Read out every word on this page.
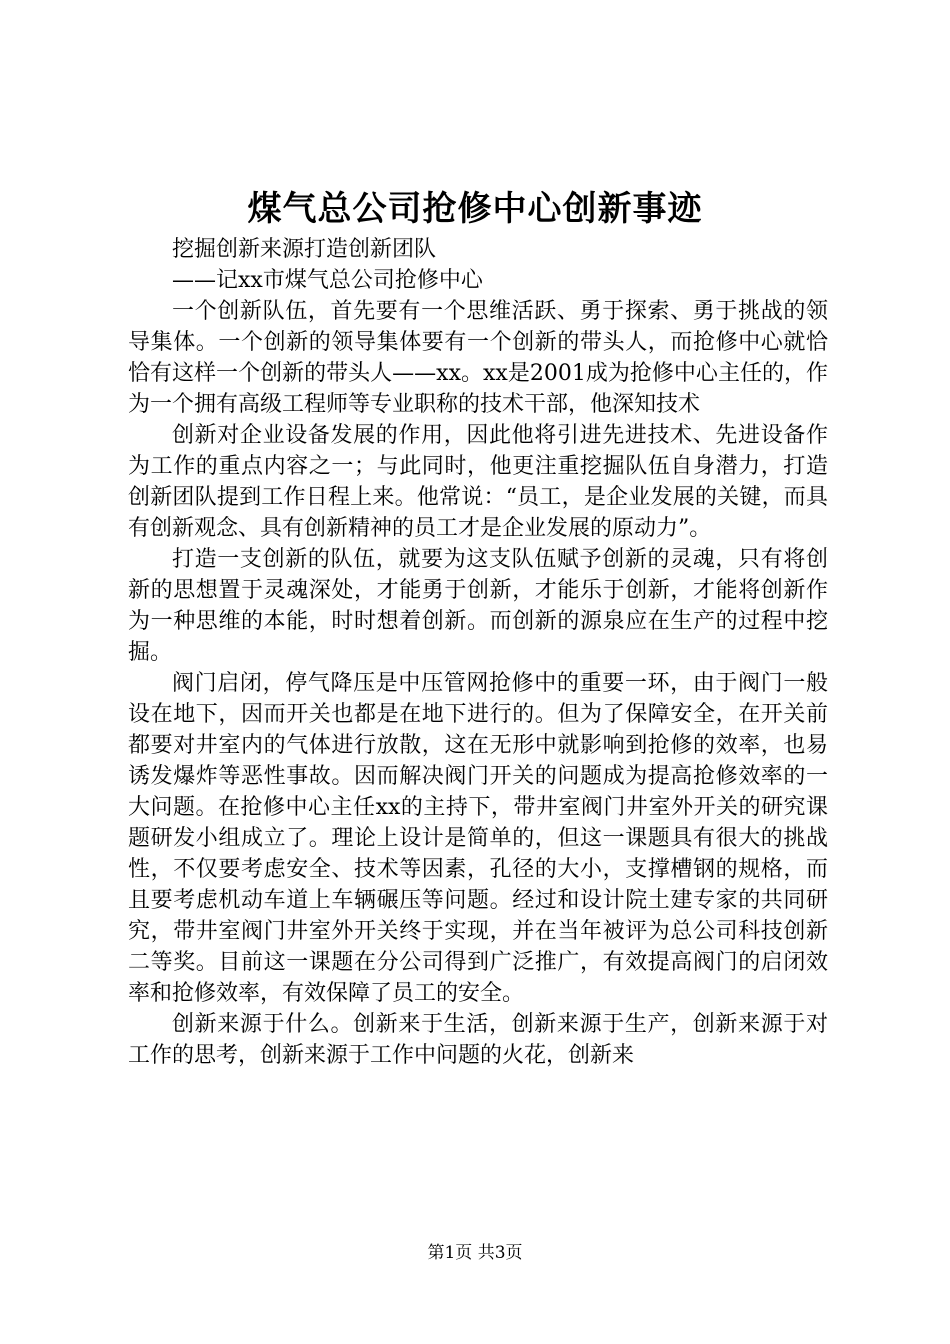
煤气总公司抢修中心创新事迹

挖掘创新来源打造创新团队

——记xx市煤气总公司抢修中心

一个创新队伍，首先要有一个思维活跃、勇于探索、勇于挑战的领导集体。一个创新的领导集体要有一个创新的带头人，而抢修中心就恰恰有这样一个创新的带头人——xx。xx是2001成为抢修中心主任的，作为一个拥有高级工程师等专业职称的技术干部，他深知技术

创新对企业设备发展的作用，因此他将引进先进技术、先进设备作为工作的重点内容之一；与此同时，他更注重挖掘队伍自身潜力，打造创新团队提到工作日程上来。他常说：“员工，是企业发展的关键，而具有创新观念、具有创新精神的员工才是企业发展的原动力”。

打造一支创新的队伍，就要为这支队伍赋予创新的灵魂，只有将创新的思想置于灵魂深处，才能勇于创新，才能乐于创新，才能将创新作为一种思维的本能，时时想着创新。而创新的源泉应在生产的过程中挖掘。

阀门启闭，停气降压是中压管网抢修中的重要一环，由于阀门一般设在地下，因而开关也都是在地下进行的。但为了保障安全，在开关前都要对井室内的气体进行放散，这在无形中就影响到抢修的效率，也易诱发爆炸等恶性事故。因而解决阀门开关的问题成为提高抢修效率的一大问题。在抢修中心主任xx的主持下，带井室阀门井室外开关的研究课题研发小组成立了。理论上设计是简单的，但这一课题具有很大的挑战性，不仅要考虑安全、技术等因素，孔径的大小，支撑槽钢的规格，而且要考虑机动车道上车辆碾压等问题。经过和设计院土建专家的共同研究，带井室阀门井室外开关终于实现，并在当年被评为总公司科技创新二等奖。目前这一课题在分公司得到广泛推广，有效提高阀门的启闭效率和抢修效率，有效保障了员工的安全。

创新来源于什么。创新来于生活，创新来源于生产，创新来源于对工作的思考，创新来源于工作中问题的火花，创新来

第1页 共3页
